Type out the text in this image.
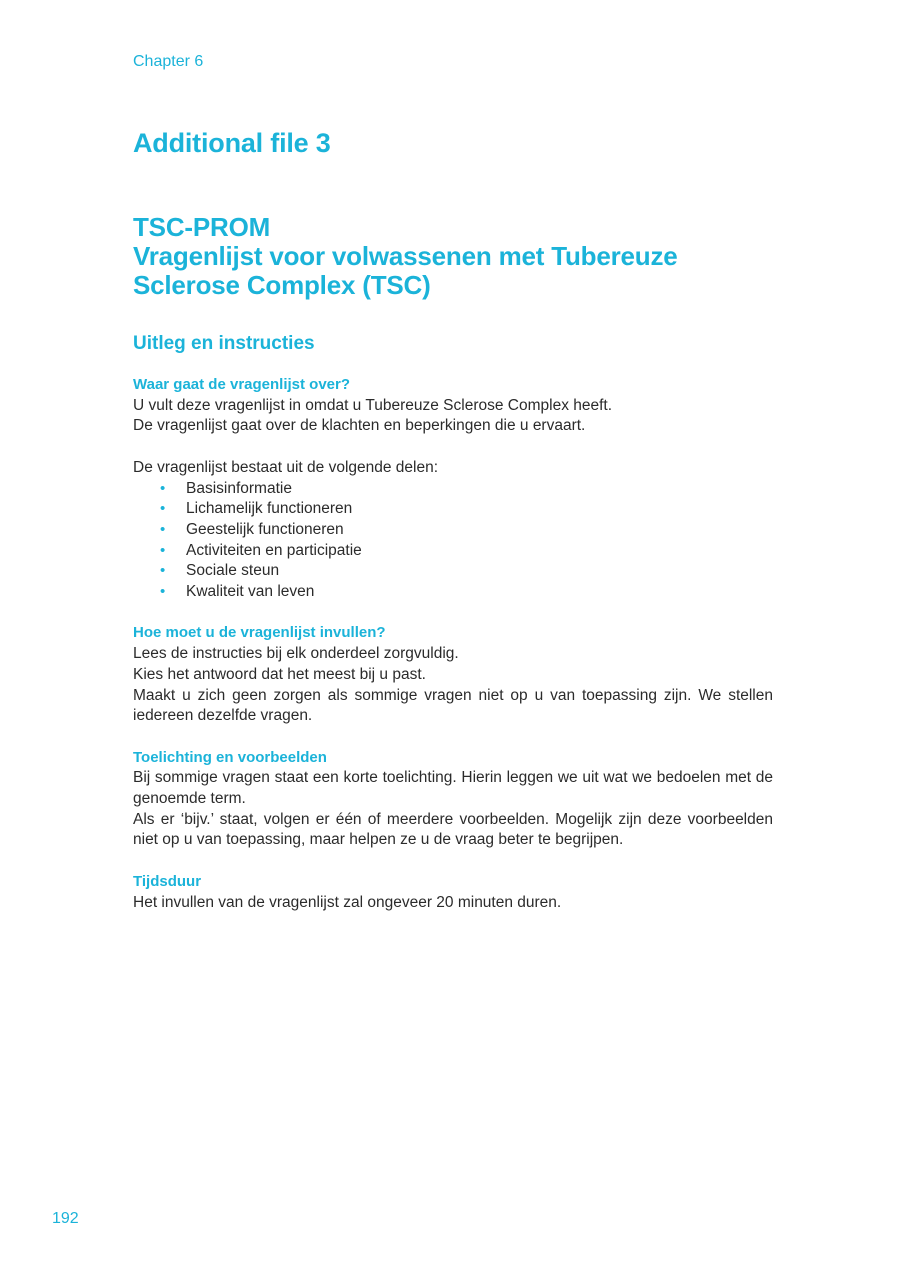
Chapter 6
Additional file 3
TSC-PROM
Vragenlijst voor volwassenen met Tubereuze
Sclerose Complex (TSC)
Uitleg en instructies
Waar gaat de vragenlijst over?
U vult deze vragenlijst in omdat u Tubereuze Sclerose Complex heeft.
De vragenlijst gaat over de klachten en beperkingen die u ervaart.
De vragenlijst bestaat uit de volgende delen:
• Basisinformatie
• Lichamelijk functioneren
• Geestelijk functioneren
• Activiteiten en participatie
• Sociale steun
• Kwaliteit van leven
Hoe moet u de vragenlijst invullen?
Lees de instructies bij elk onderdeel zorgvuldig.
Kies het antwoord dat het meest bij u past.
Maakt u zich geen zorgen als sommige vragen niet op u van toepassing zijn. We stellen iedereen dezelfde vragen.
Toelichting en voorbeelden
Bij sommige vragen staat een korte toelichting. Hierin leggen we uit wat we bedoelen met de genoemde term.
Als er ‘bijv.’ staat, volgen er één of meerdere voorbeelden. Mogelijk zijn deze voorbeelden niet op u van toepassing, maar helpen ze u de vraag beter te begrijpen.
Tijdsduur
Het invullen van de vragenlijst zal ongeveer 20 minuten duren.
192
